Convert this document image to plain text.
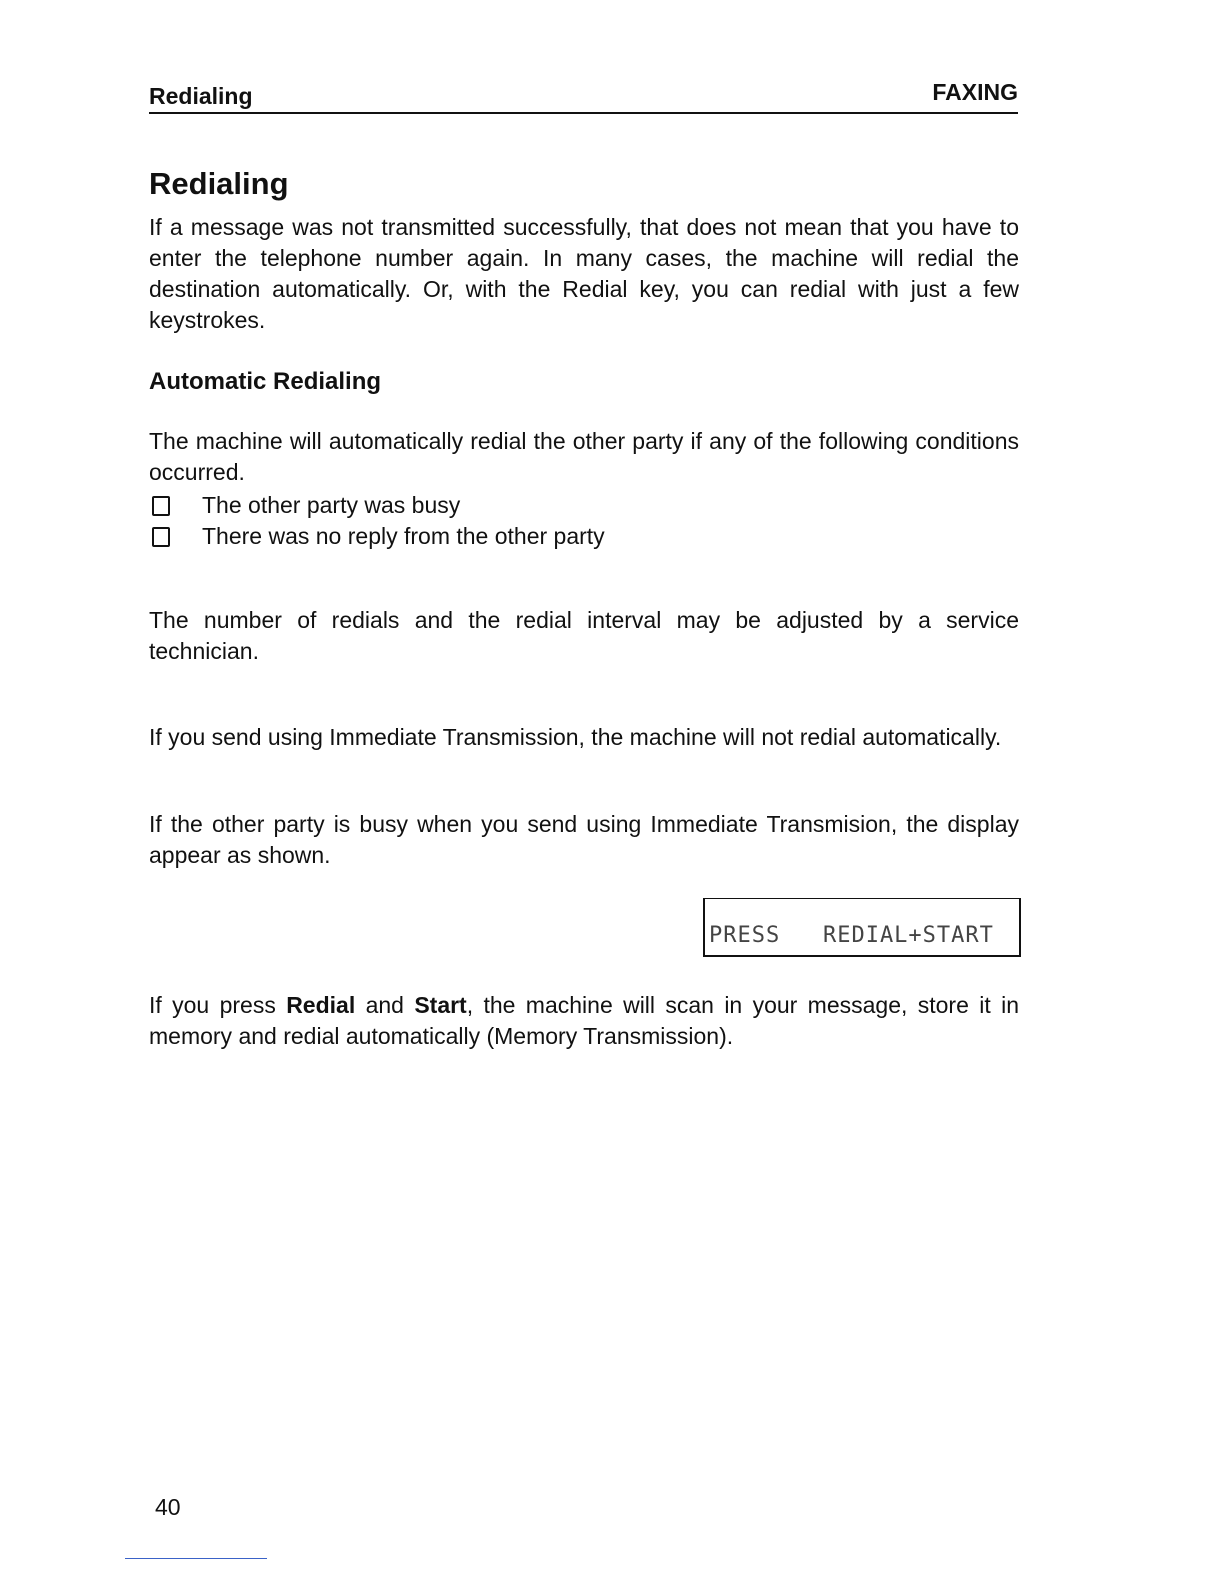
Redialing	FAXING
Redialing

If a message was not transmitted successfully, that does not mean that you have to enter the telephone number again. In many cases, the machine will redial the destination automatically. Or, with the Redial key, you can redial with just a few keystrokes.

Automatic Redialing

The machine will automatically redial the other party if any of the following conditions occurred.

The other party was busy
There was no reply from the other party

The number of redials and the redial interval may be adjusted by a service technician.

If you send using Immediate Transmission, the machine will not redial automatically.

If the other party is busy when you send using Immediate Transmision, the display appear as shown.

PRESS   REDIAL+START

If you press Redial and Start, the machine will scan in your message, store it in memory and redial automatically (Memory Transmission).

40
